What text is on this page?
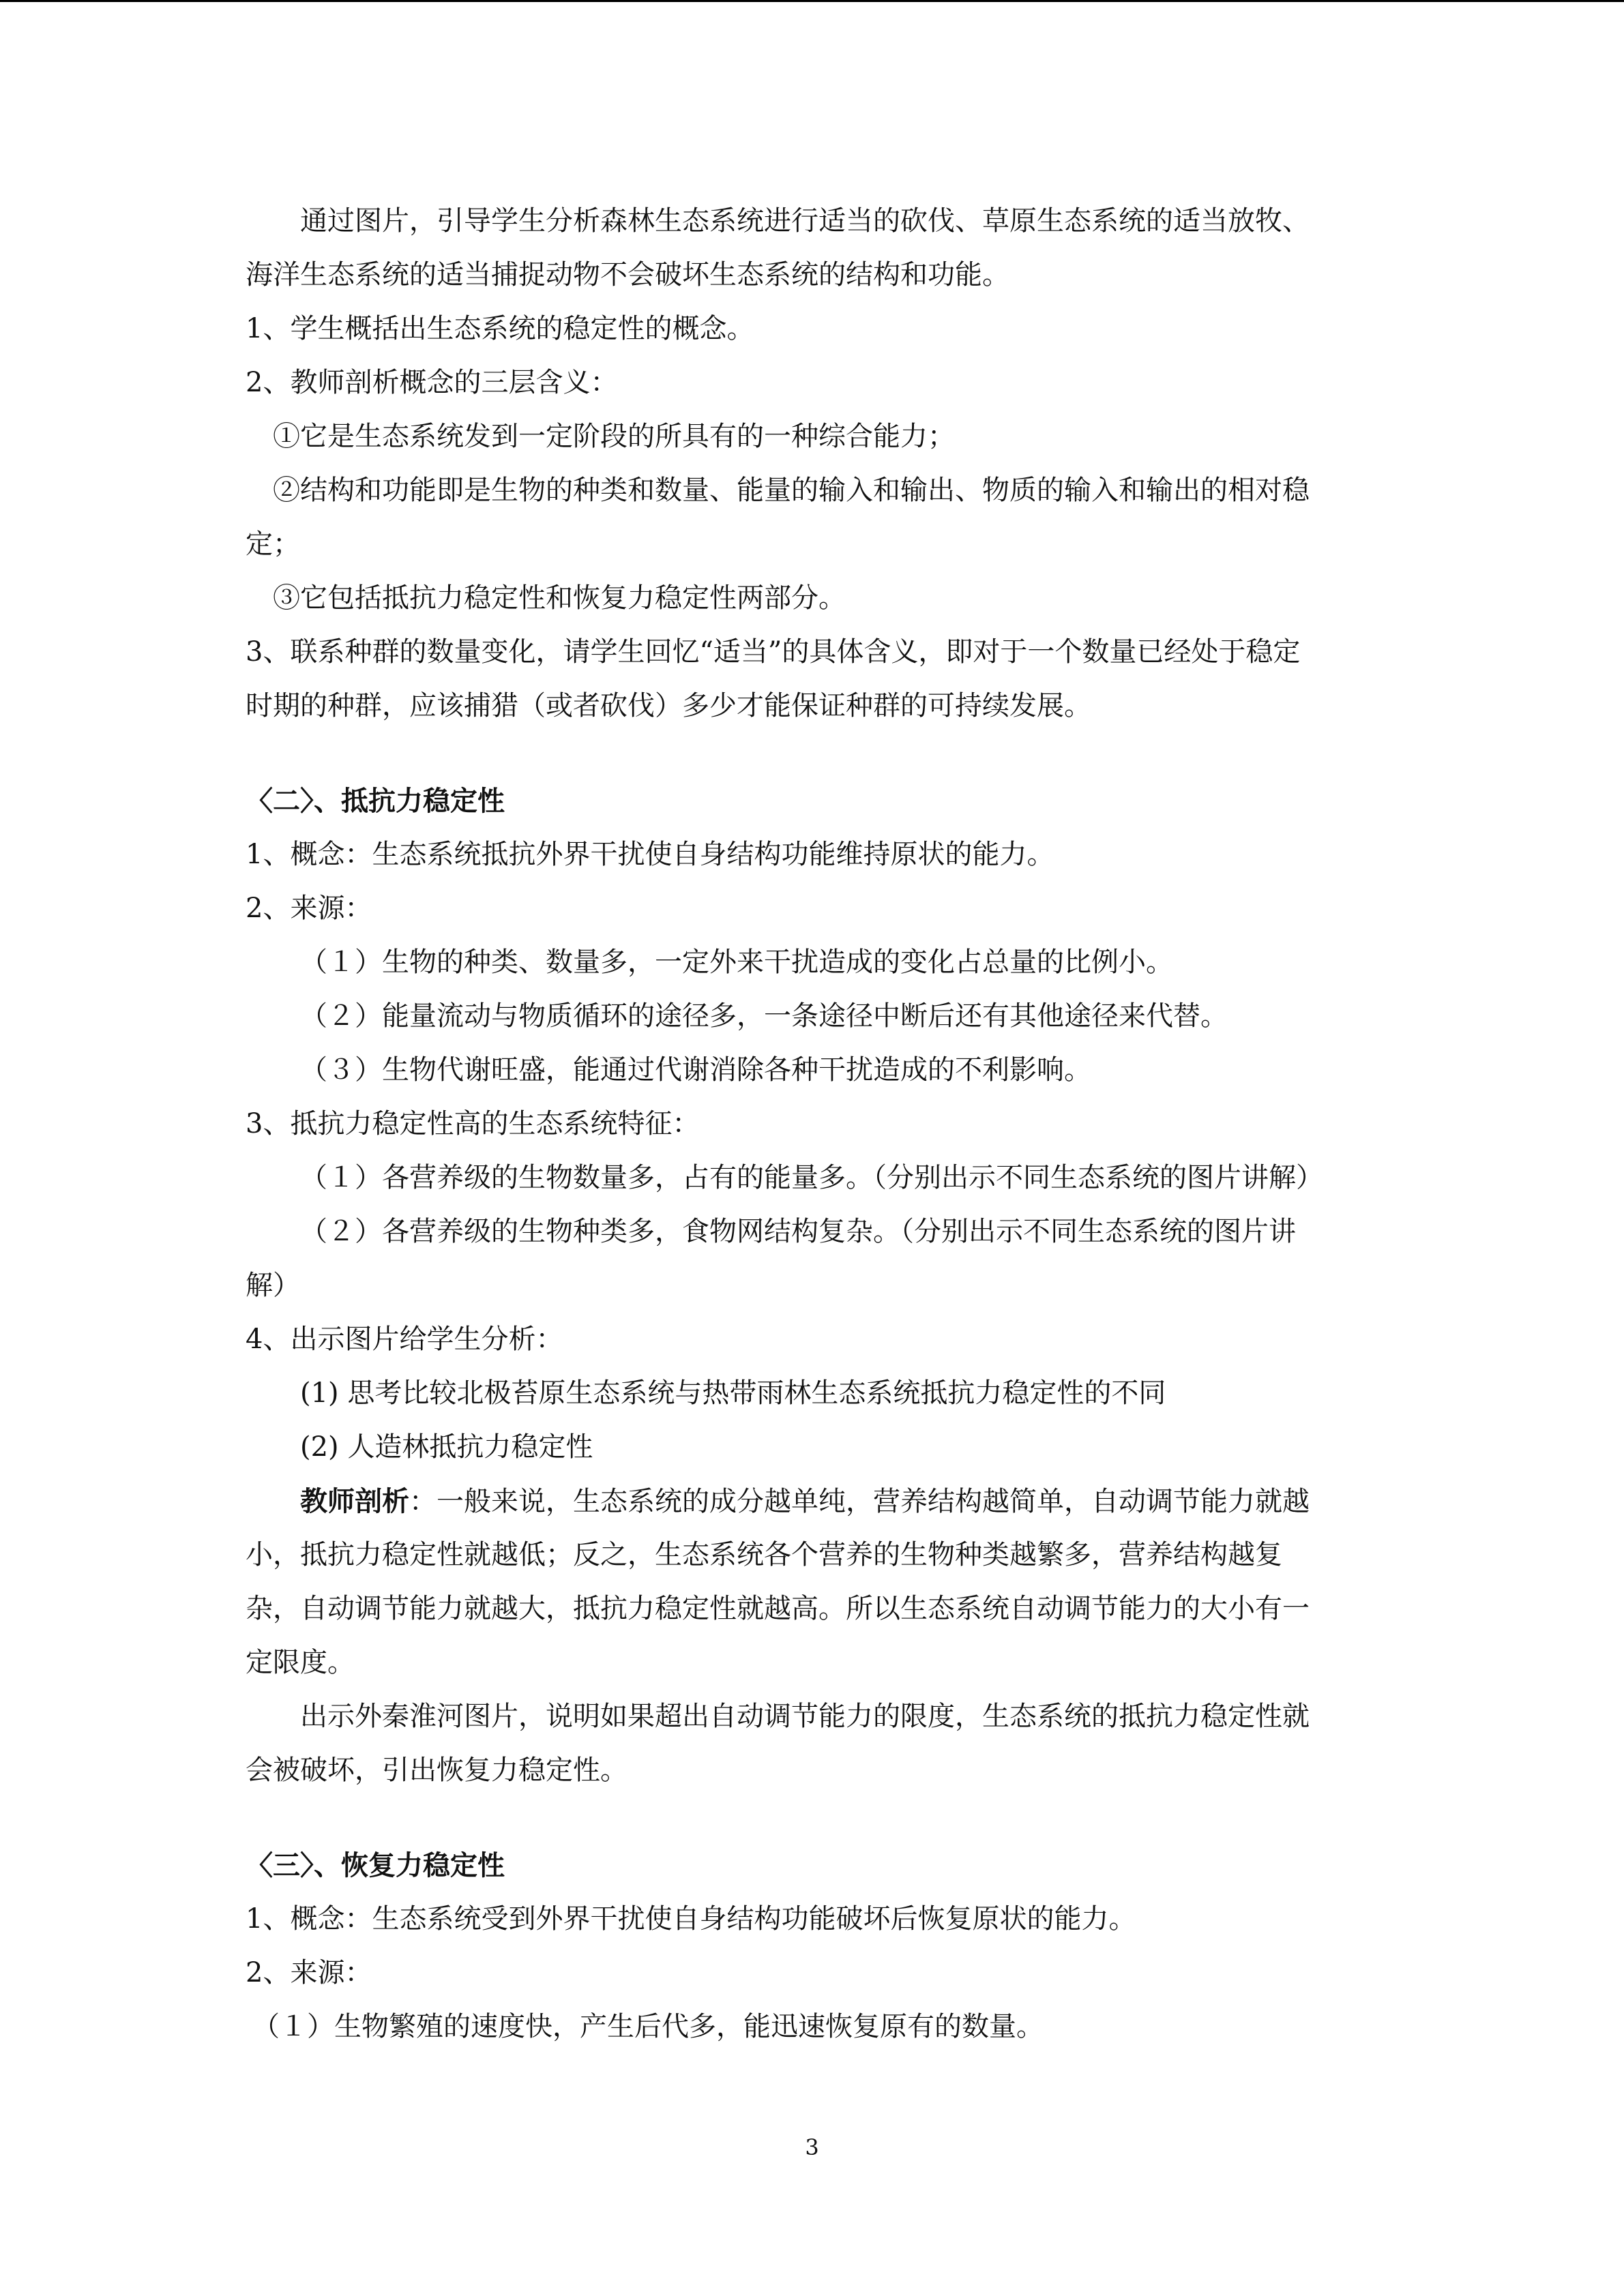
通过图片，引导学生分析森林生态系统进行适当的砍伐、草原生态系统的适当放牧、

海洋生态系统的适当捕捉动物不会破坏生态系统的结构和功能。

1、学生概括出生态系统的稳定性的概念。

2、教师剖析概念的三层含义：

①它是生态系统发到一定阶段的所具有的一种综合能力；

②结构和功能即是生物的种类和数量、能量的输入和输出、物质的输入和输出的相对稳

定；

③它包括抵抗力稳定性和恢复力稳定性两部分。

3、联系种群的数量变化，请学生回忆“适当”的具体含义，即对于一个数量已经处于稳定

时期的种群，应该捕猎（或者砍伐）多少才能保证种群的可持续发展。

〈二〉、抵抗力稳定性

1、概念：生态系统抵抗外界干扰使自身结构功能维持原状的能力。

2、来源：

（１）生物的种类、数量多，一定外来干扰造成的变化占总量的比例小。

（２）能量流动与物质循环的途径多，一条途径中断后还有其他途径来代替。

（３）生物代谢旺盛，能通过代谢消除各种干扰造成的不利影响。

3、抵抗力稳定性高的生态系统特征：

（１）各营养级的生物数量多，占有的能量多。（分别出示不同生态系统的图片讲解）

（２）各营养级的生物种类多，食物网结构复杂。（分别出示不同生态系统的图片讲

解）

4、出示图片给学生分析：

(1) 思考比较北极苔原生态系统与热带雨林生态系统抵抗力稳定性的不同

(2) 人造林抵抗力稳定性

教师剖析：一般来说，生态系统的成分越单纯，营养结构越简单，自动调节能力就越

小，抵抗力稳定性就越低；反之，生态系统各个营养的生物种类越繁多，营养结构越复

杂，自动调节能力就越大，抵抗力稳定性就越高。所以生态系统自动调节能力的大小有一

定限度。

出示外秦淮河图片，说明如果超出自动调节能力的限度，生态系统的抵抗力稳定性就

会被破坏，引出恢复力稳定性。

〈三〉、恢复力稳定性

1、概念：生态系统受到外界干扰使自身结构功能破坏后恢复原状的能力。

2、来源：

（１）生物繁殖的速度快，产生后代多，能迅速恢复原有的数量。

3
